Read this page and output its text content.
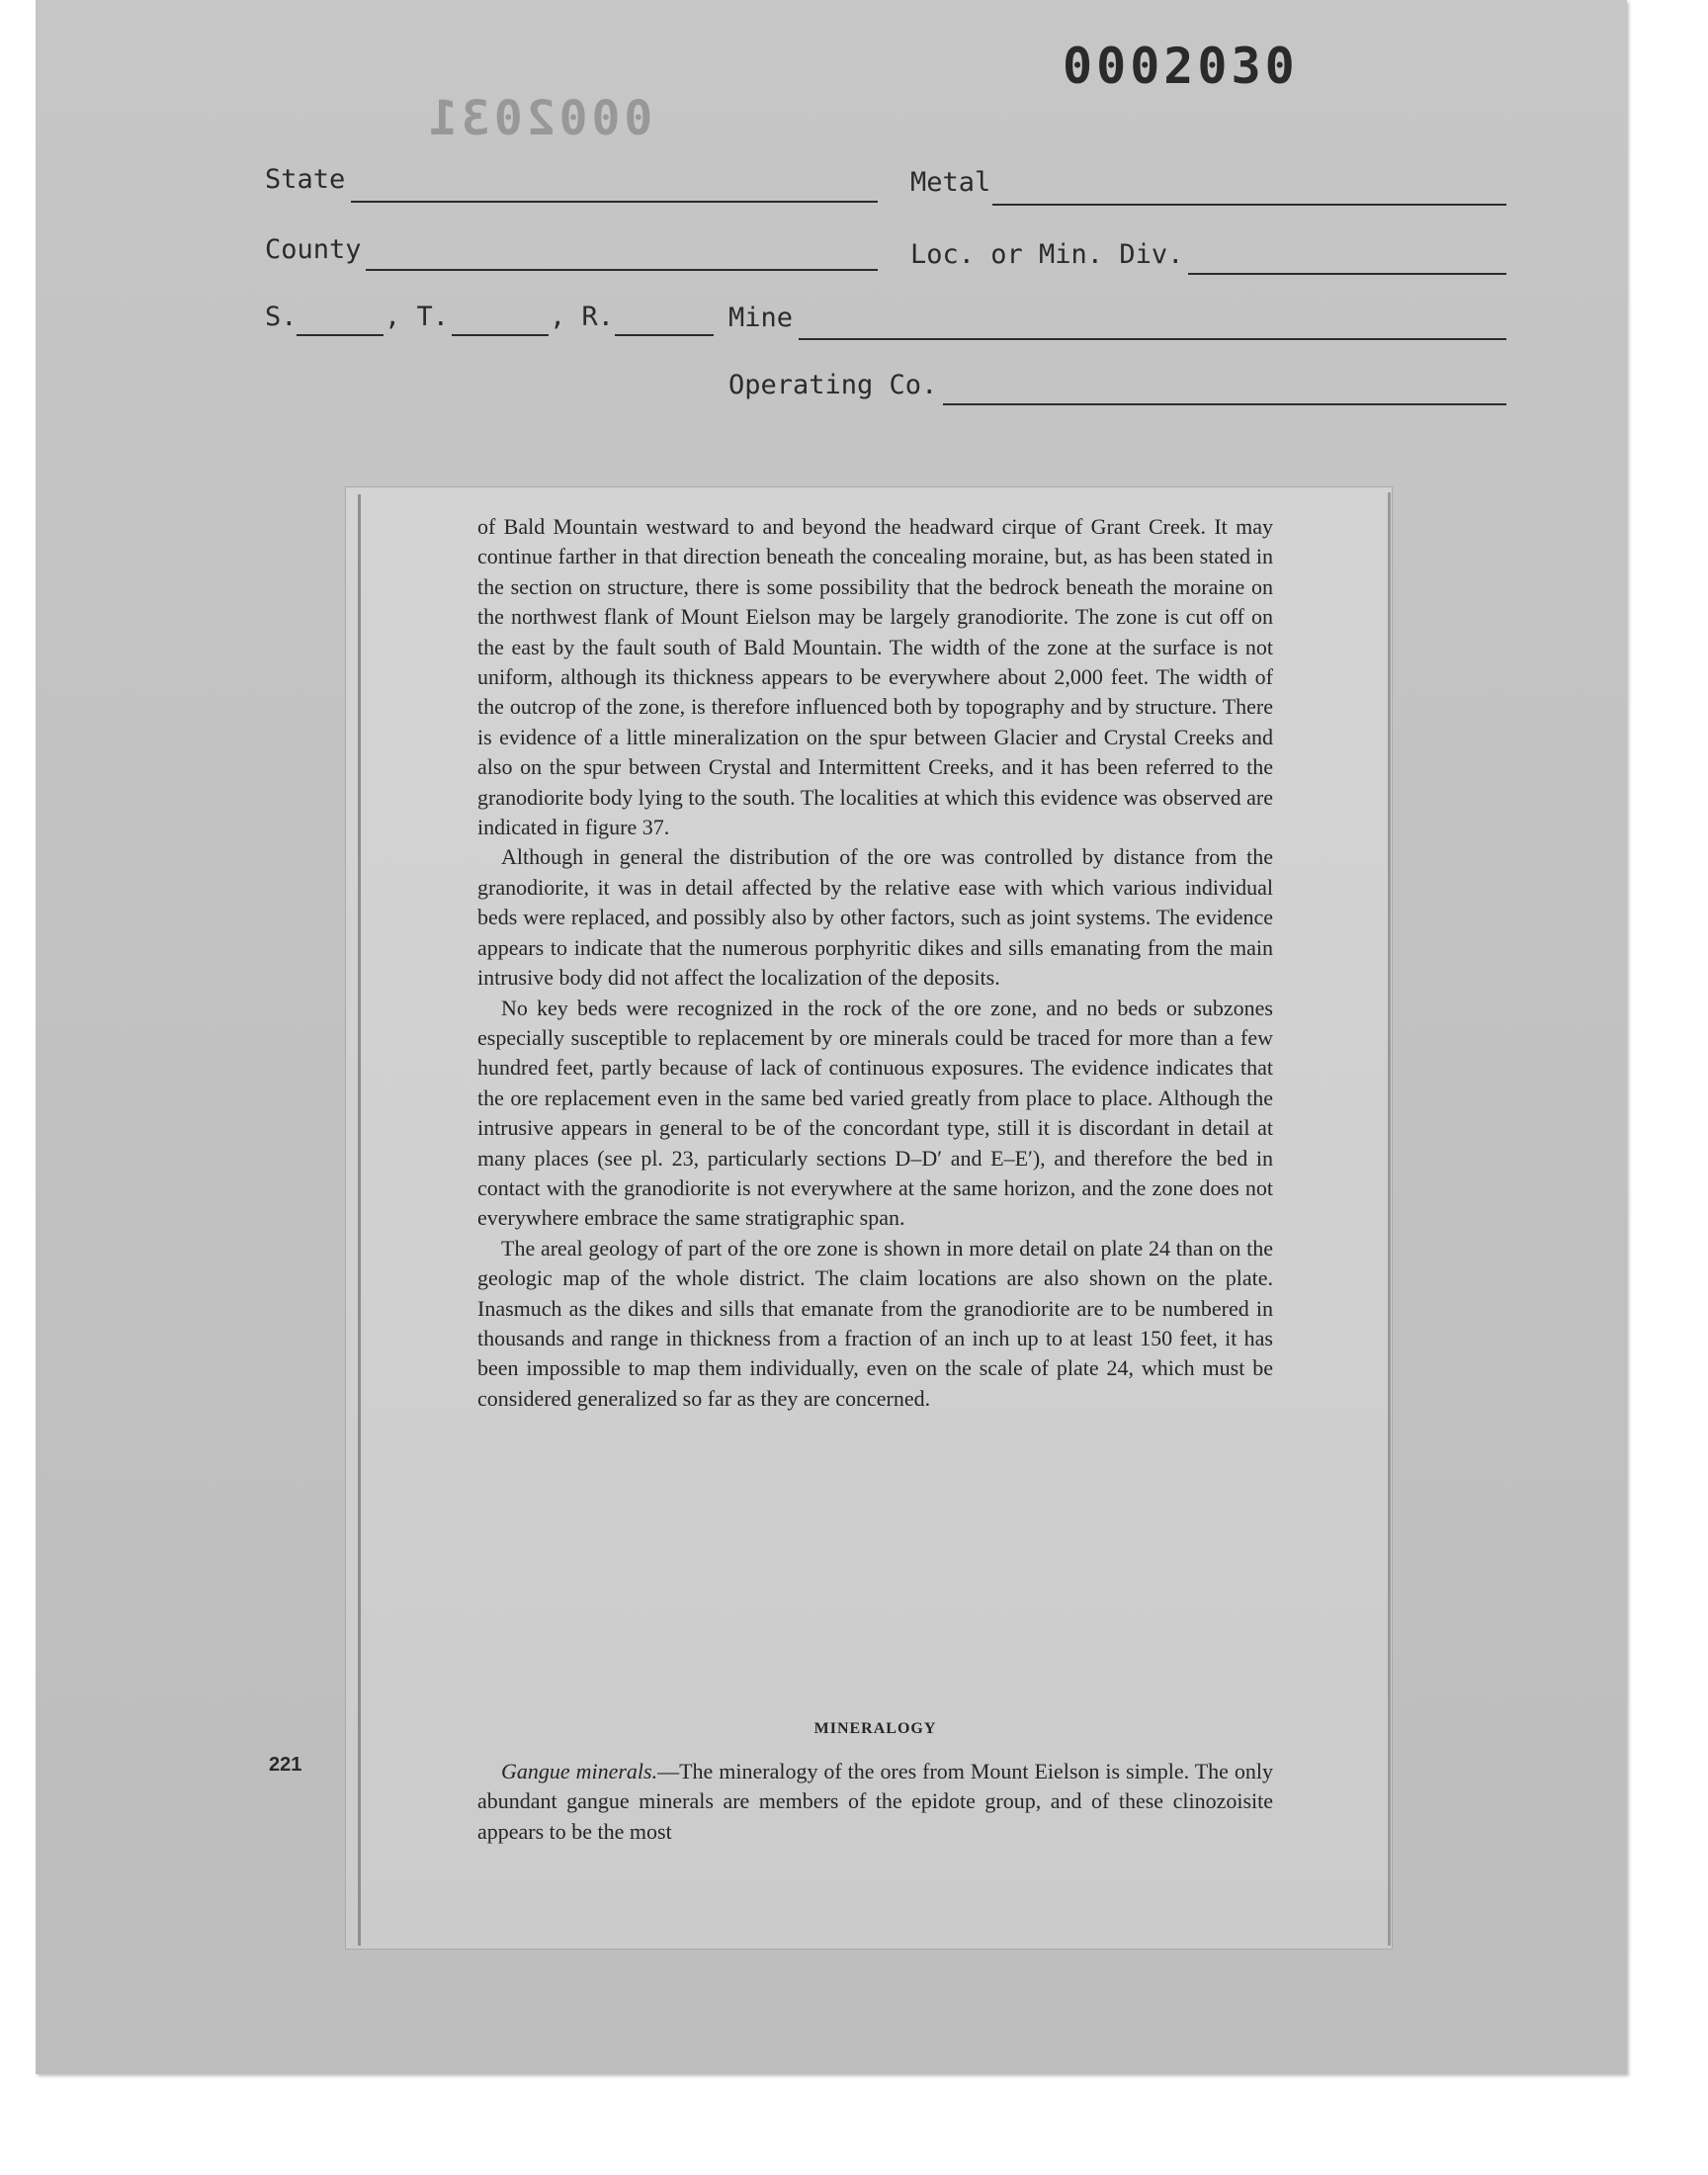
0002030
0002031
State	Metal
County	Loc. or Min. Div.
S.	, T.	, R.	Mine
Operating Co.

of Bald Mountain westward to and beyond the headward cirque of Grant Creek. It may continue farther in that direction beneath the concealing moraine, but, as has been stated in the section on structure, there is some possibility that the bedrock beneath the moraine on the northwest flank of Mount Eielson may be largely granodiorite. The zone is cut off on the east by the fault south of Bald Mountain. The width of the zone at the surface is not uniform, although its thickness appears to be everywhere about 2,000 feet. The width of the outcrop of the zone, is therefore influenced both by topography and by structure. There is evidence of a little mineralization on the spur between Glacier and Crystal Creeks and also on the spur between Crystal and Intermittent Creeks, and it has been referred to the granodiorite body lying to the south. The localities at which this evidence was observed are indicated in figure 37.

Although in general the distribution of the ore was controlled by distance from the granodiorite, it was in detail affected by the relative ease with which various individual beds were replaced, and possibly also by other factors, such as joint systems. The evidence appears to indicate that the numerous porphyritic dikes and sills emanating from the main intrusive body did not affect the localization of the deposits.

No key beds were recognized in the rock of the ore zone, and no beds or subzones especially susceptible to replacement by ore minerals could be traced for more than a few hundred feet, partly because of lack of continuous exposures. The evidence indicates that the ore replacement even in the same bed varied greatly from place to place. Although the intrusive appears in general to be of the concordant type, still it is discordant in detail at many places (see pl. 23, particularly sections D–D′ and E–E′), and therefore the bed in contact with the granodiorite is not everywhere at the same horizon, and the zone does not everywhere embrace the same stratigraphic span.

The areal geology of part of the ore zone is shown in more detail on plate 24 than on the geologic map of the whole district. The claim locations are also shown on the plate. Inasmuch as the dikes and sills that emanate from the granodiorite are to be numbered in thousands and range in thickness from a fraction of an inch up to at least 150 feet, it has been impossible to map them individually, even on the scale of plate 24, which must be considered generalized so far as they are concerned.

MINERALOGY
Gangue minerals.—The mineralogy of the ores from Mount Eielson is simple. The only abundant gangue minerals are members of the epidote group, and of these clinozoisite appears to be the most
221
